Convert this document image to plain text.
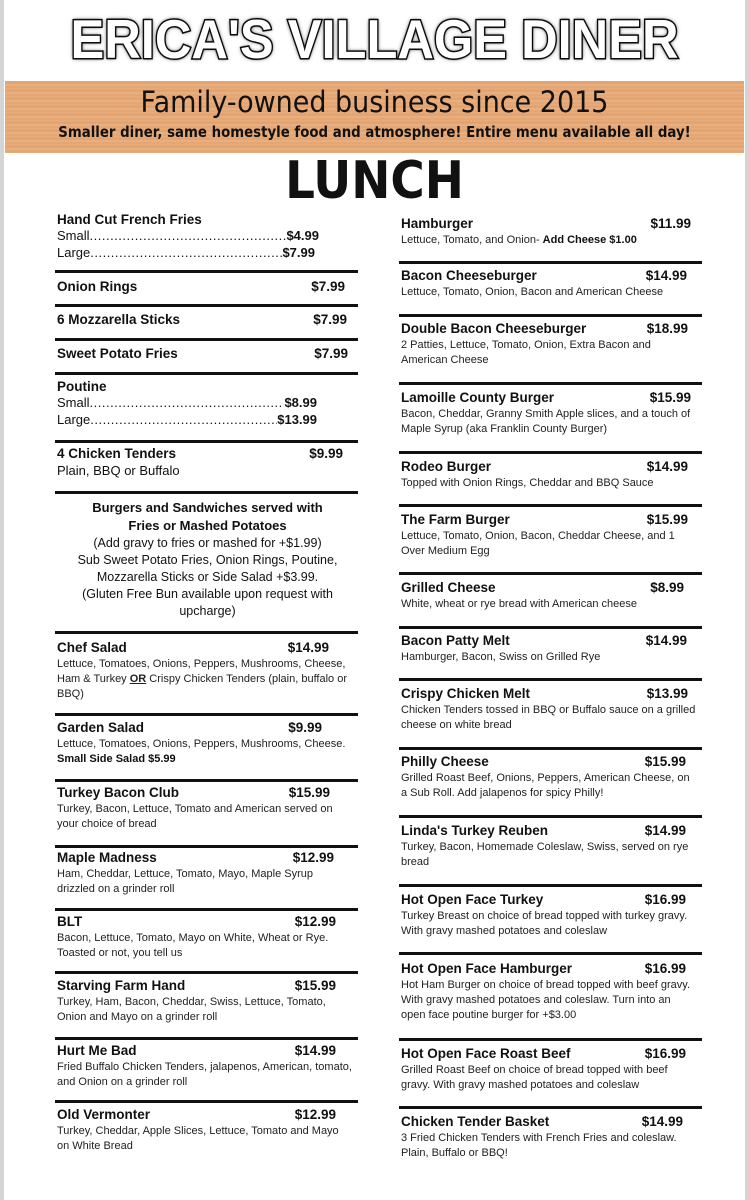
ERICA'S VILLAGE DINER
Family-owned business since 2015
Smaller diner, same homestyle food and atmosphere! Entire menu available all day!
LUNCH
Hand Cut French Fries
Small .....	$4.99
Large .....	$7.99
Onion Rings	$7.99
6 Mozzarella Sticks	$7.99
Sweet Potato Fries	$7.99
Poutine
Small .....	$8.99
Large .....	$13.99
4 Chicken Tenders	$9.99
Plain, BBQ or Buffalo
Burgers and Sandwiches served with
Fries or Mashed Potatoes
(Add gravy to fries or mashed for +$1.99)
Sub Sweet Potato Fries, Onion Rings, Poutine,
Mozzarella Sticks or Side Salad +$3.99.
(Gluten Free Bun available upon request with
upcharge)
Chef Salad	$14.99
Lettuce, Tomatoes, Onions, Peppers, Mushrooms, Cheese, Ham & Turkey OR Crispy Chicken Tenders (plain, buffalo or BBQ)
Garden Salad	$9.99
Lettuce, Tomatoes, Onions, Peppers, Mushrooms, Cheese. Small Side Salad $5.99
Turkey Bacon Club	$15.99
Turkey, Bacon, Lettuce, Tomato and American served on your choice of bread
Maple Madness	$12.99
Ham, Cheddar, Lettuce, Tomato, Mayo, Maple Syrup drizzled on a grinder roll
BLT	$12.99
Bacon, Lettuce, Tomato, Mayo on White, Wheat or Rye. Toasted or not, you tell us
Starving Farm Hand	$15.99
Turkey, Ham, Bacon, Cheddar, Swiss, Lettuce, Tomato, Onion and Mayo on a grinder roll
Hurt Me Bad	$14.99
Fried Buffalo Chicken Tenders, jalapenos, American, tomato, and Onion on a grinder roll
Old Vermonter	$12.99
Turkey, Cheddar, Apple Slices, Lettuce, Tomato and Mayo on White Bread
Hamburger	$11.99
Lettuce, Tomato, and Onion- Add Cheese $1.00
Bacon Cheeseburger	$14.99
Lettuce, Tomato, Onion, Bacon and American Cheese
Double Bacon Cheeseburger	$18.99
2 Patties, Lettuce, Tomato, Onion, Extra Bacon and American Cheese
Lamoille County Burger	$15.99
Bacon, Cheddar, Granny Smith Apple slices, and a touch of Maple Syrup (aka Franklin County Burger)
Rodeo Burger	$14.99
Topped with Onion Rings, Cheddar and BBQ Sauce
The Farm Burger	$15.99
Lettuce, Tomato, Onion, Bacon, Cheddar Cheese, and 1 Over Medium Egg
Grilled Cheese	$8.99
White, wheat or rye bread with American cheese
Bacon Patty Melt	$14.99
Hamburger, Bacon, Swiss on Grilled Rye
Crispy Chicken Melt	$13.99
Chicken Tenders tossed in BBQ or Buffalo sauce on a grilled cheese on white bread
Philly Cheese	$15.99
Grilled Roast Beef, Onions, Peppers, American Cheese, on a Sub Roll. Add jalapenos for spicy Philly!
Linda's Turkey Reuben	$14.99
Turkey, Bacon, Homemade Coleslaw, Swiss, served on rye bread
Hot Open Face Turkey	$16.99
Turkey Breast on choice of bread topped with turkey gravy. With gravy mashed potatoes and coleslaw
Hot Open Face Hamburger	$16.99
Hot Ham Burger on choice of bread topped with beef gravy. With gravy mashed potatoes and coleslaw. Turn into an open face poutine burger for +$3.00
Hot Open Face Roast Beef	$16.99
Grilled Roast Beef on choice of bread topped with beef gravy. With gravy mashed potatoes and coleslaw
Chicken Tender Basket	$14.99
3 Fried Chicken Tenders with French Fries and coleslaw. Plain, Buffalo or BBQ!
